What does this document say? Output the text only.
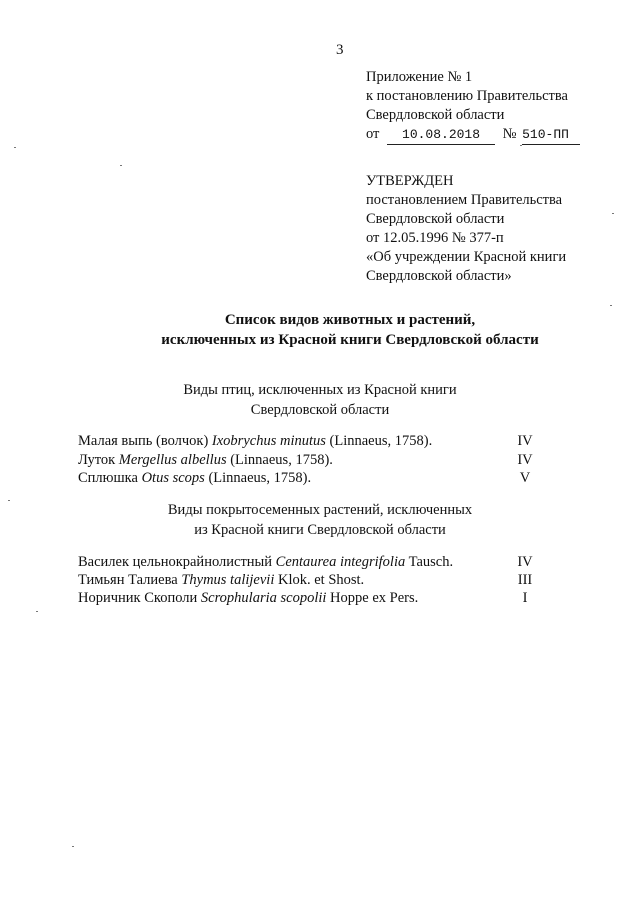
3
Приложение № 1
к постановлению Правительства
Свердловской области
от 10.08.2018 № 510-ПП
УТВЕРЖДЕН
постановлением Правительства
Свердловской области
от 12.05.1996 № 377-п
«Об учреждении Красной книги
Свердловской области»
Список видов животных и растений,
исключенных из Красной книги Свердловской области
Виды птиц, исключенных из Красной книги
Свердловской области
Малая выпь (волчок) Ixobrychus minutus (Linnaeus, 1758).	IV
Луток Mergellus albellus (Linnaeus, 1758).	IV
Сплюшка Otus scops (Linnaeus, 1758).	V
Виды покрытосеменных растений, исключенных
из Красной книги Свердловской области
Василек цельнокрайнолистный Centaurea integrifolia Tausch.	IV
Тимьян Талиева Thymus talijevii Klok. et Shost.	III
Норичник Скополи Scrophularia scopolii Hoppe ex Pers.	I
